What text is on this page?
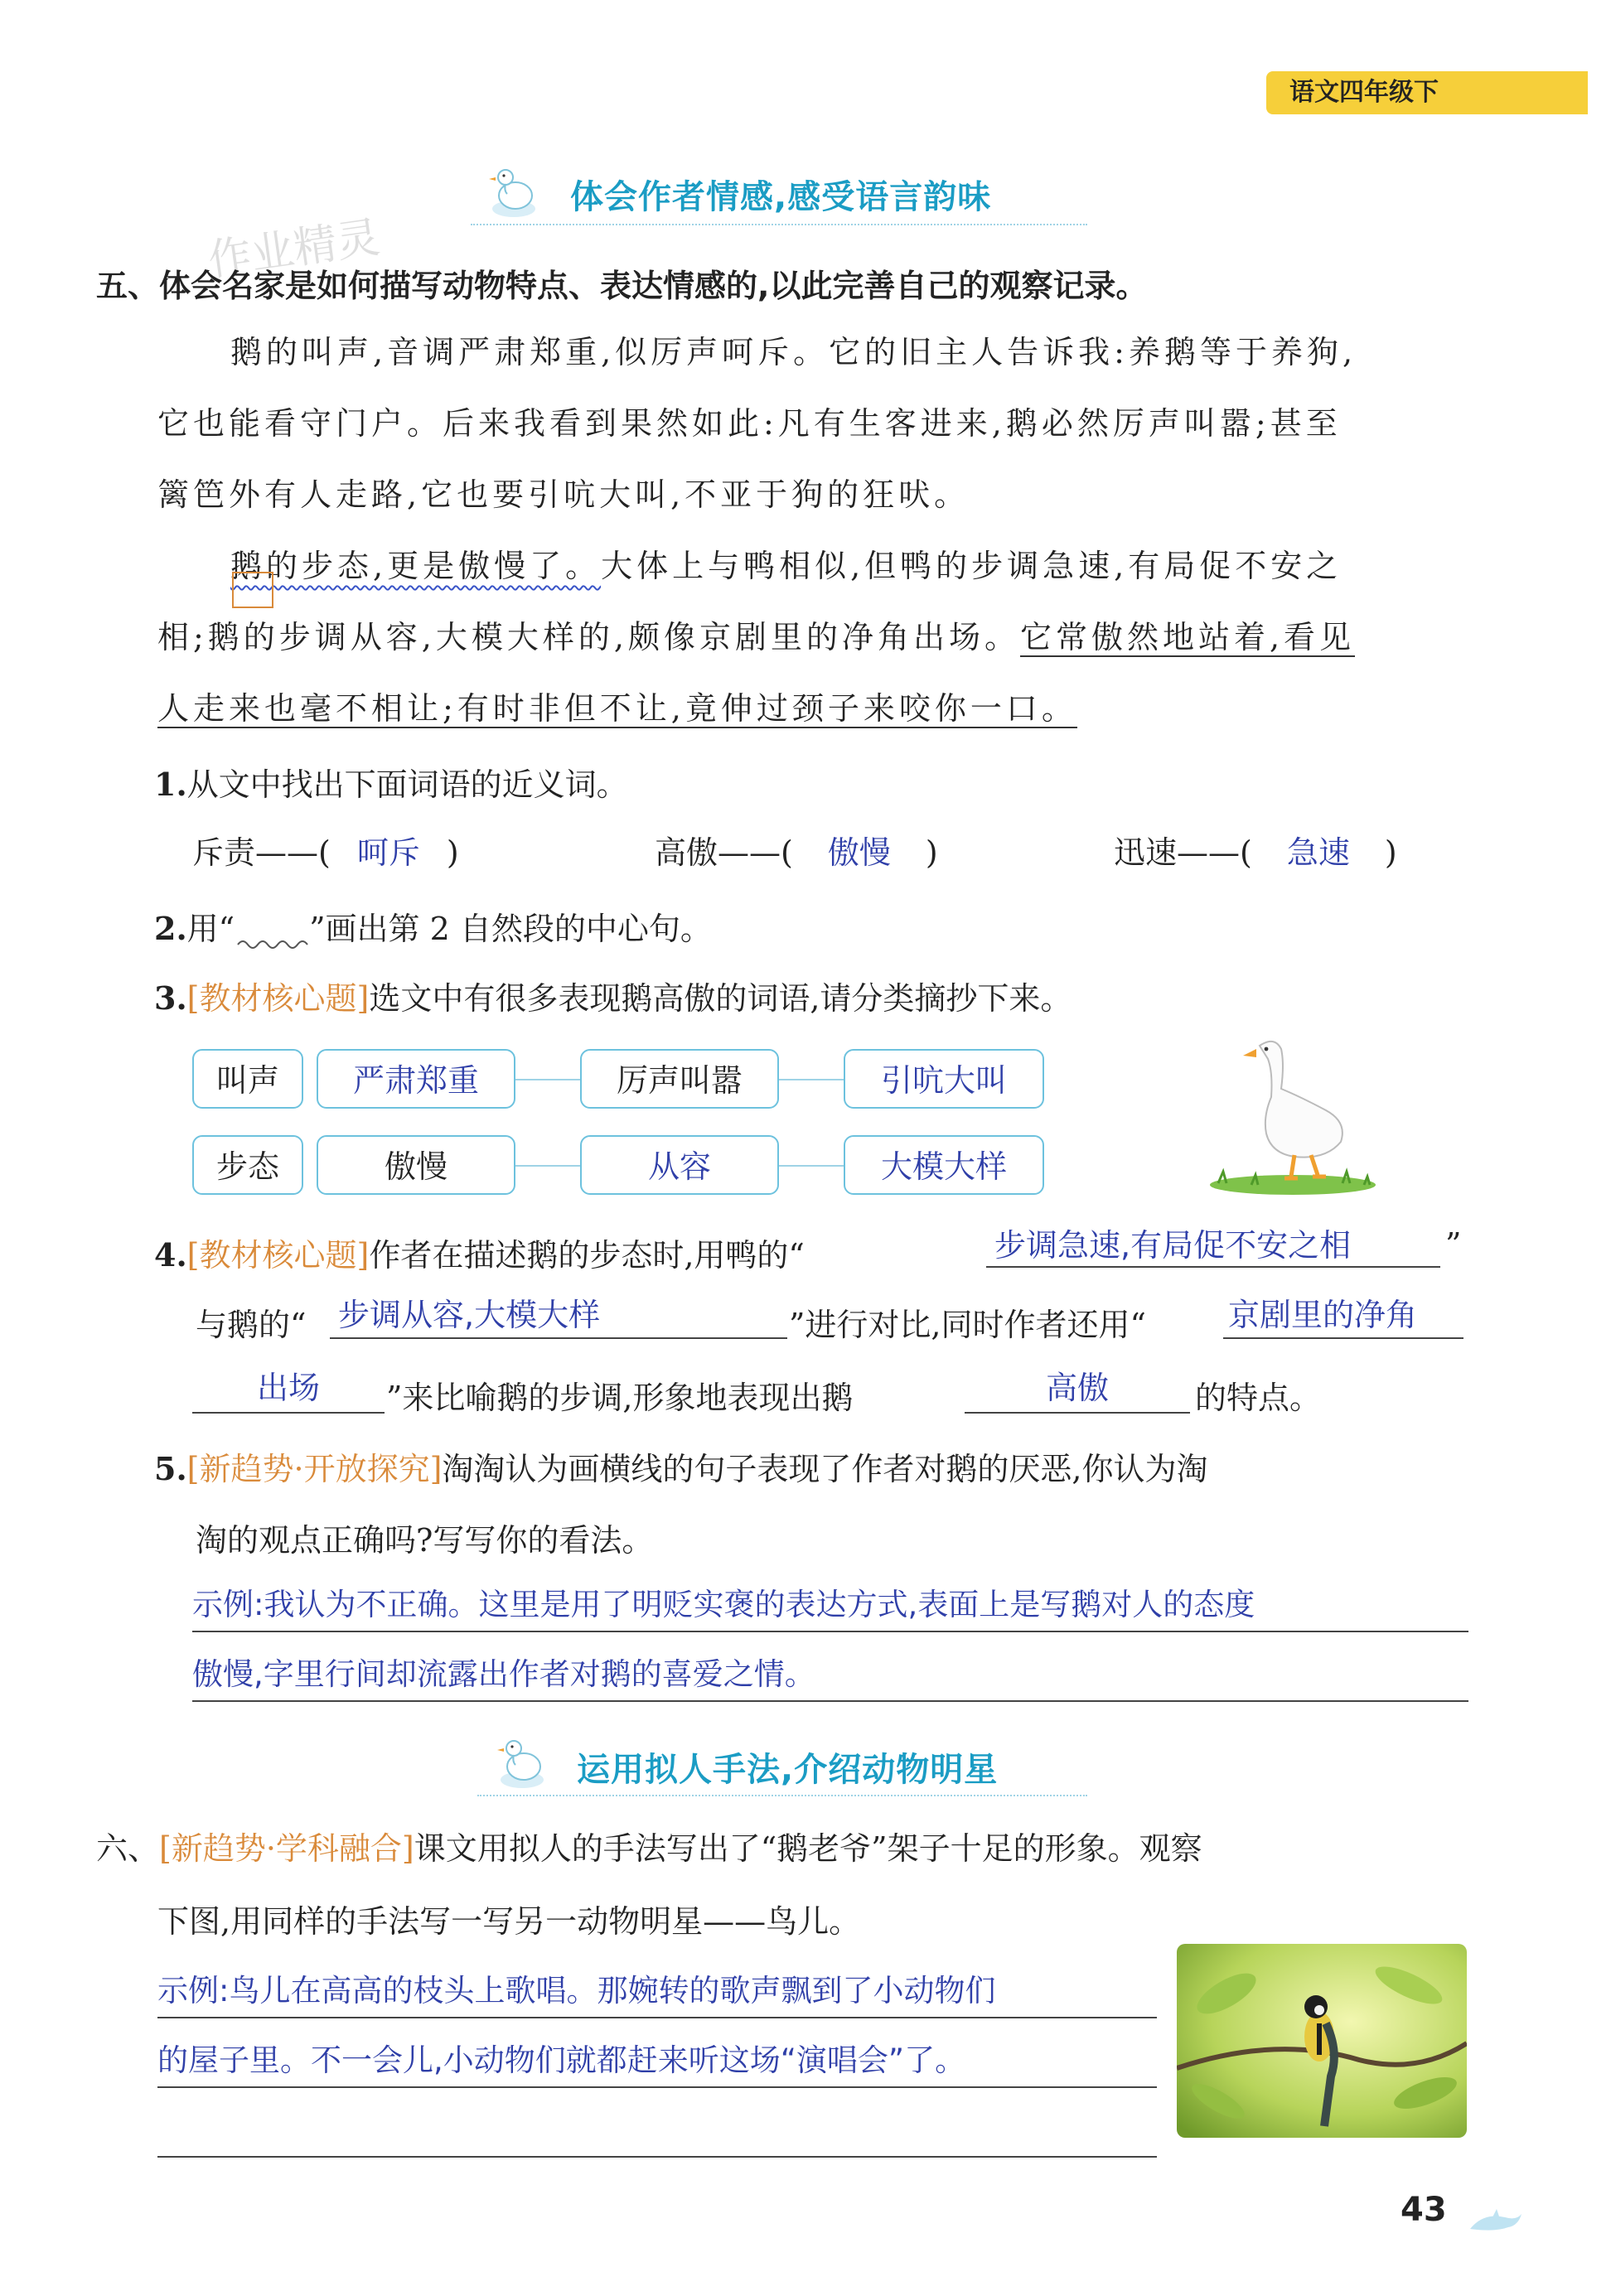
语文四年级下
作业精灵
体会作者情感,感受语言韵味
五、体会名家是如何描写动物特点、表达情感的,以此完善自己的观察记录。
鹅的叫声,音调严肃郑重,似厉声呵斥。它的旧主人告诉我:养鹅等于养狗,
它也能看守门户。后来我看到果然如此:凡有生客进来,鹅必然厉声叫嚣;甚至
篱笆外有人走路,它也要引吭大叫,不亚于狗的狂吠。
鹅的步态,更是傲慢了。大体上与鸭相似,但鸭的步调急速,有局促不安之
相;鹅的步调从容,大模大样的,颇像京剧里的净角出场。它常傲然地站着,看见
人走来也毫不相让;有时非但不让,竟伸过颈子来咬你一口。
1.从文中找出下面词语的近义词。
斥责——( 呵斥 )	高傲——( 傲慢 )	迅速——( 急速 )
2.用“ ”画出第 2 自然段的中心句。
3.[教材核心题]选文中有很多表现鹅高傲的词语,请分类摘抄下来。
叫声	严肃郑重	厉声叫嚣	引吭大叫
步态	傲慢	从容	大模大样
4.[教材核心题]作者在描述鹅的步态时,用鸭的“	步调急速,有局促不安之相	”
与鹅的“ 步调从容,大模大样	”进行对比,同时作者还用“	京剧里的净角
出场	”来比喻鹅的步调,形象地表现出鹅	高傲	的特点。
5.[新趋势·开放探究]淘淘认为画横线的句子表现了作者对鹅的厌恶,你认为淘
淘的观点正确吗?写写你的看法。
示例:我认为不正确。这里是用了明贬实褒的表达方式,表面上是写鹅对人的态度
傲慢,字里行间却流露出作者对鹅的喜爱之情。
运用拟人手法,介绍动物明星
六、[新趋势·学科融合]课文用拟人的手法写出了“鹅老爷”架子十足的形象。观察
下图,用同样的手法写一写另一动物明星——鸟儿。
示例:鸟儿在高高的枝头上歌唱。那婉转的歌声飘到了小动物们
的屋子里。不一会儿,小动物们就都赶来听这场“演唱会”了。
43
